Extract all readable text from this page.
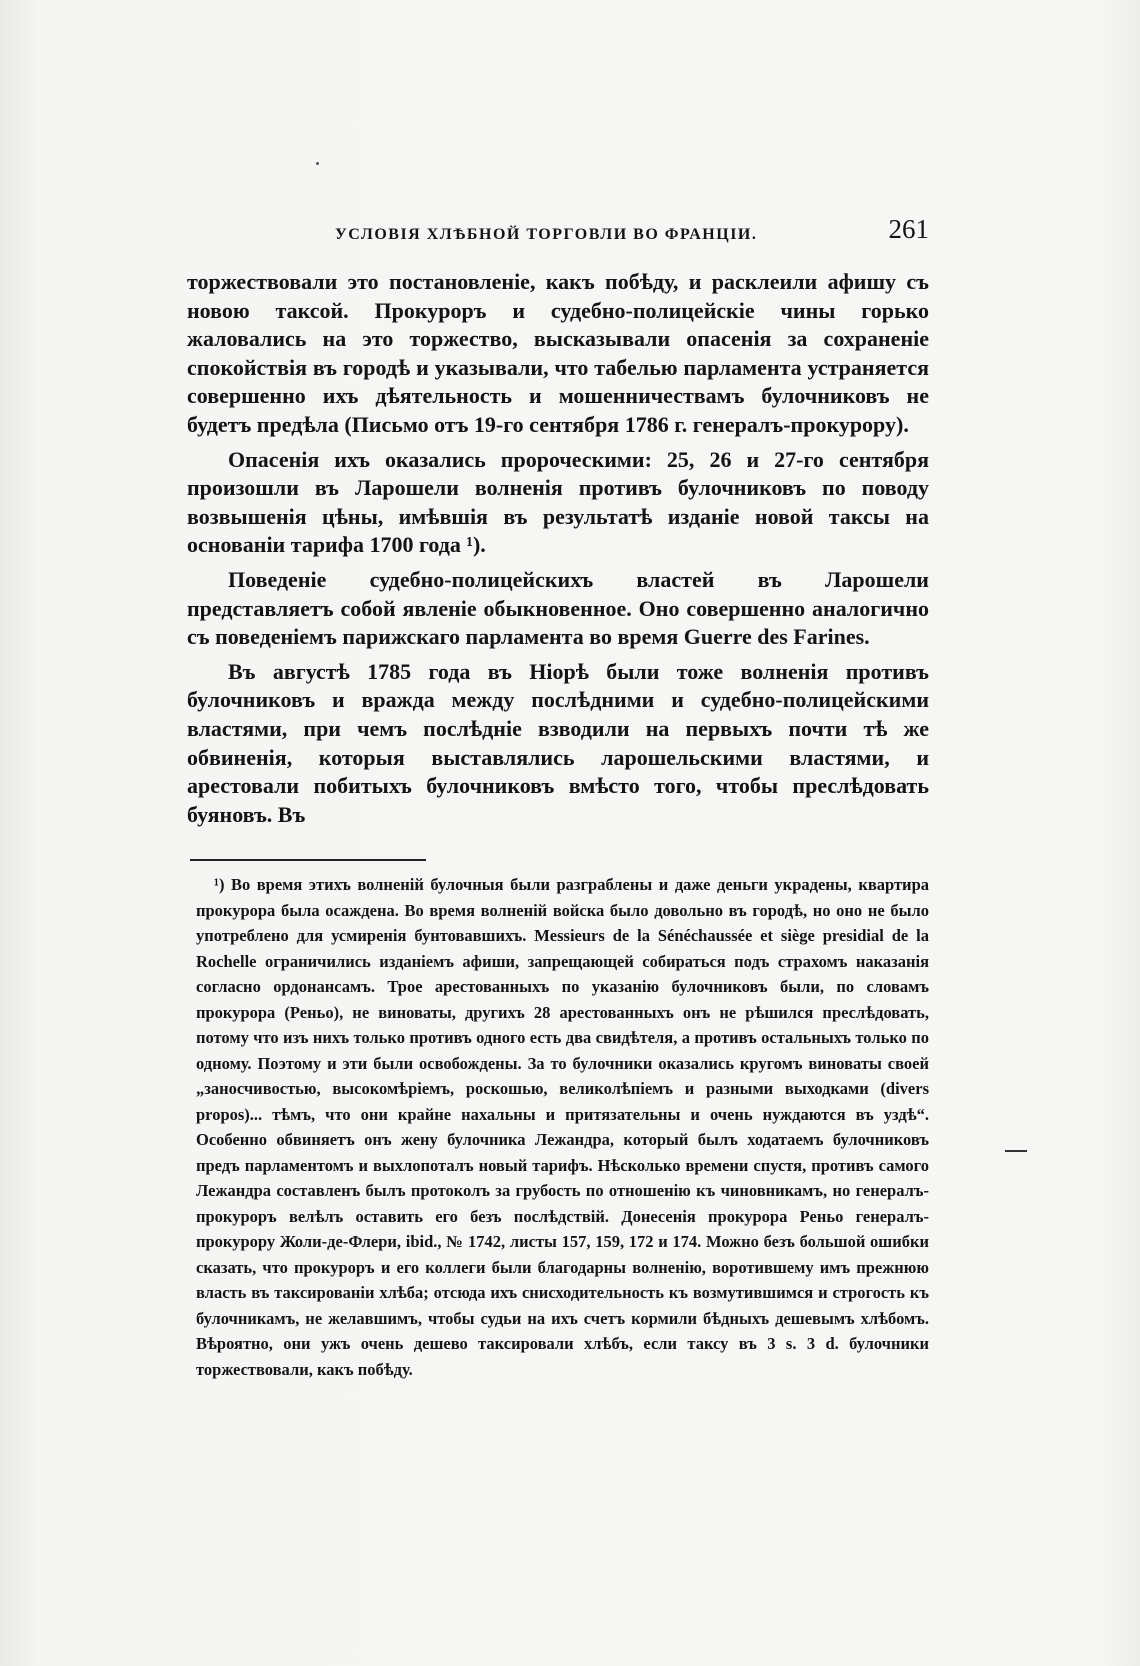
УСЛОВІЯ ХЛѢБНОЙ ТОРГОВЛИ ВО ФРАНЦІИ.	261

торжествовали это постановленіе, какъ побѣду, и расклеили афишу съ новою таксой. Прокуроръ и судебно-полицейскіе чины горько жаловались на это торжество, высказывали опасенія за сохраненіе спокойствія въ городѣ и указывали, что табелью парламента устраняется совершенно ихъ дѣятельность и мошенничествамъ булочниковъ не будетъ предѣла (Письмо отъ 19-го сентября 1786 г. генералъ-прокурору).

Опасенія ихъ оказались пророческими: 25, 26 и 27-го сентября произошли въ Ларошели волненія противъ булочниковъ по поводу возвышенія цѣны, имѣвшія въ результатѣ изданіе новой таксы на основаніи тарифа 1700 года ¹).

Поведеніе судебно-полицейскихъ властей въ Ларошели представляетъ собой явленіе обыкновенное. Оно совершенно аналогично съ поведеніемъ парижскаго парламента во время Guerre des Farines.

Въ августѣ 1785 года въ Ніорѣ были тоже волненія противъ булочниковъ и вражда между послѣдними и судебно-полицейскими властями, при чемъ послѣдніе взводили на первыхъ почти тѣ же обвиненія, которыя выставлялись ларошельскими властями, и арестовали побитыхъ булочниковъ вмѣсто того, чтобы преслѣдовать буяновъ. Въ

¹) Во время этихъ волненій булочныя были разграблены и даже деньги украдены, квартира прокурора была осаждена. Во время волненій войска было довольно въ городѣ, но оно не было употреблено для усмиренія бунтовавшихъ. Messieurs de la Sénéchaussée et siège presidial de la Rochelle ограничились изданіемъ афиши, запрещающей собираться подъ страхомъ наказанія согласно ордонансамъ. Трое арестованныхъ по указанію булочниковъ были, по словамъ прокурора (Реньо), не виноваты, другихъ 28 арестованныхъ онъ не рѣшился преслѣдовать, потому что изъ нихъ только противъ одного есть два свидѣтеля, а противъ остальныхъ только по одному. Поэтому и эти были освобождены. За то булочники оказались кругомъ виноваты своей „заносчивостью, высокомѣріемъ, роскошью, великолѣпіемъ и разными выходками (divers propos)... тѣмъ, что они крайне нахальны и притязательны и очень нуждаются въ уздѣ“. Особенно обвиняетъ онъ жену булочника Лежандра, который былъ ходатаемъ булочниковъ предъ парламентомъ и выхлопоталъ новый тарифъ. Нѣсколько времени спустя, противъ самого Лежандра составленъ былъ протоколъ за грубость по отношенію къ чиновникамъ, но генералъ-прокуроръ велѣлъ оставить его безъ послѣдствій. Донесенія прокурора Реньо генералъ-прокурору Жоли-де-Флери, ibid., № 1742, листы 157, 159, 172 и 174. Можно безъ большой ошибки сказать, что прокуроръ и его коллеги были благодарны волненію, воротившему имъ прежнюю власть въ таксированіи хлѣба; отсюда ихъ снисходительность къ возмутившимся и строгость къ булочникамъ, не желавшимъ, чтобы судьи на ихъ счетъ кормили бѣдныхъ дешевымъ хлѣбомъ. Вѣроятно, они ужъ очень дешево таксировали хлѣбъ, если таксу въ 3 s. 3 d. булочники торжествовали, какъ побѣду.
